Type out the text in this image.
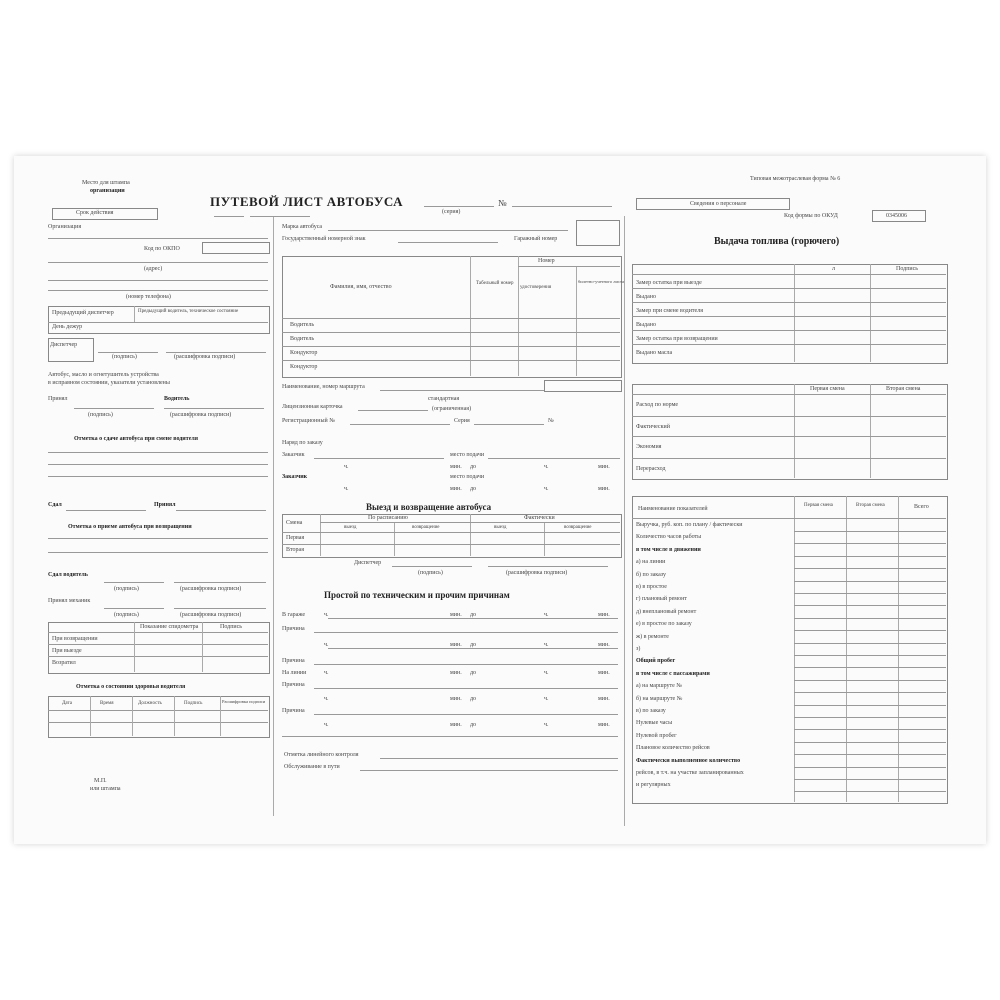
Место для штампа
организации
ПУТЕВОЙ ЛИСТ АВТОБУСА	№
Срок действия	(серия)
Типовая межотраслевая форма № 6
Сведения о персонале
Код формы по ОКУД	0345006
Организация
Код по ОКПО
(адрес)
(номер телефона)
Предыдущий диспетчер	Предыдущий водитель, техническое состояние
День дежур
Диспетчер
(подпись)	(расшифровка подписи)
Автобус, масло и огнетушитель устройства
в исправном состоянии, указатели установлены
Принял	Водитель
(подпись)	(расшифровка подписи)
Отметка о сдаче автобуса при смене водителя
Сдал	Принял
Отметка о приеме автобуса при возвращении
Сдал водитель
(подпись)	(расшифровка подписи)
Принял механик
(подпись)	(расшифровка подписи)
Показание спидометра	Подпись
При возвращении
При выезде
Возратил
Отметка о состоянии здоровья водителя
Дата	Время	Должность	Подпись	Расшифровка подписи
М.П.
или штампа
Марка автобуса
Государственный номерной знак	Гаражный номер
Фамилия, имя, отчество
Табельный номер
Номер
удостоверения
билетно-учетного листа
Водитель
Водитель
Кондуктор
Кондуктор
Наименование, номер маршрута
стандартная
Лицензионная карточка	(ограниченная)
Регистрационный №	Серия	№
Наряд по заказу
Заказчик	место подачи
ч.	мин. до	ч.	мин.
Заказчик	место подачи
ч.	мин. до	ч.	мин.
Выезд и возвращение автобуса
По расписанию	Фактически
выезд	возвращение	выезд	возвращение
Смена
Первая
Вторая
Диспетчер
(подпись)	(расшифровка подписи)
Простой по техническим и прочим причинам
В гараже	ч.	мин. до	ч.	мин.
Причина
ч.	мин. до	ч.	мин.
Причина
На линии	ч.	мин. до	ч.	мин.
Причина
ч.	мин. до	ч.	мин.
Причина
ч.	мин. до	ч.	мин.
Отметка линейного контроля
Обслуживание в пути
Выдача топлива (горючего)
л	Подпись
Замер остатка при выезде
Выдано
Замер при смене водителя
Выдано
Замер остатка при возвращении
Выдано масла
Первая смена	Вторая смена
Расход по норме
Фактический
Экономия
Перерасход
Наименование показателей
Первая смена	Вторая смена	Всего
Выручка, руб. коп. по плану / фактически
Количество часов работы
в том числе в движении
а) на линии
б) по заказу
в) в простое
г) плановый ремонт
д) внеплановый ремонт
е) в простое по заказу
ж) в ремонте
з)
Общий пробег
в том числе с пассажирами
а) на маршруте №
б) на маршруте №
в) по заказу
Нулевые часы
Нулевой пробег
Плановое количество рейсов
Фактически выполненное количество
рейсов, в т.ч. на участке запланированных
и регулярных
